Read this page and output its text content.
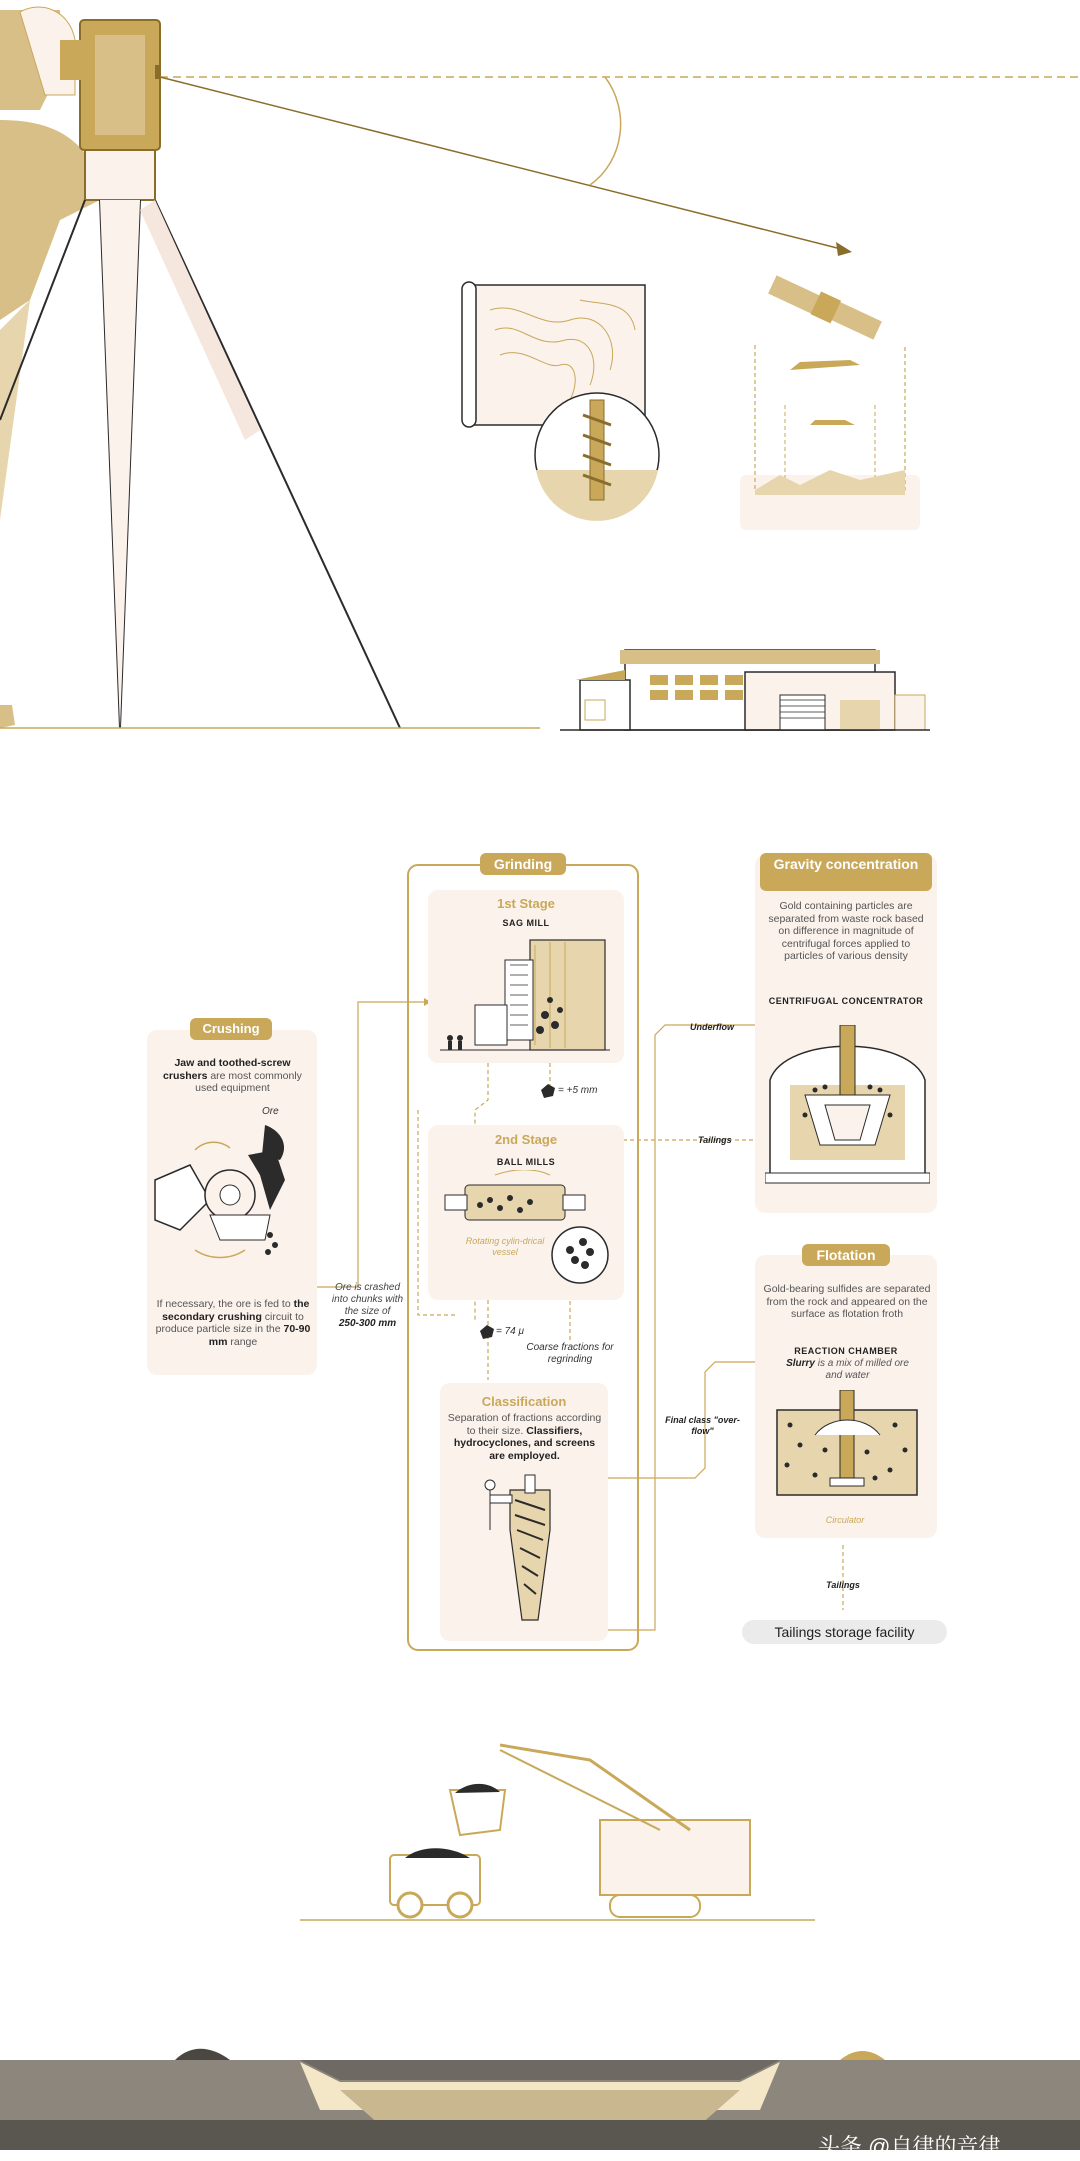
Crushing
Jaw and toothed-screw crushers are most commonly used equipment
Ore
If necessary, the ore is fed to the secondary crushing circuit to produce particle size in the 70-90 mm range
Ore is crashed into chunks with the size of
250-300 mm
Grinding
1st Stage
SAG MILL
= +5 mm
2nd Stage
BALL MILLS
Rotating cylin-drical vessel
= 74 μ
Coarse fractions for regrinding
Classification
Separation of fractions according to their size. Classifiers, hydrocyclones, and screens are employed.
Gravity concentration
Gold containing particles are separated from waste rock based on difference in magnitude of centrifugal forces applied to particles of various density
CENTRIFUGAL CONCENTRATOR
Flotation
Gold-bearing sulfides are separated from the rock and appeared on the surface as flotation froth
REACTION CHAMBER
Slurry is a mix of milled ore and water
Circulator
Underflow
Tailings
Final class "over-flow"
Tailings
Tailings storage facility
头条 @自律的音律
